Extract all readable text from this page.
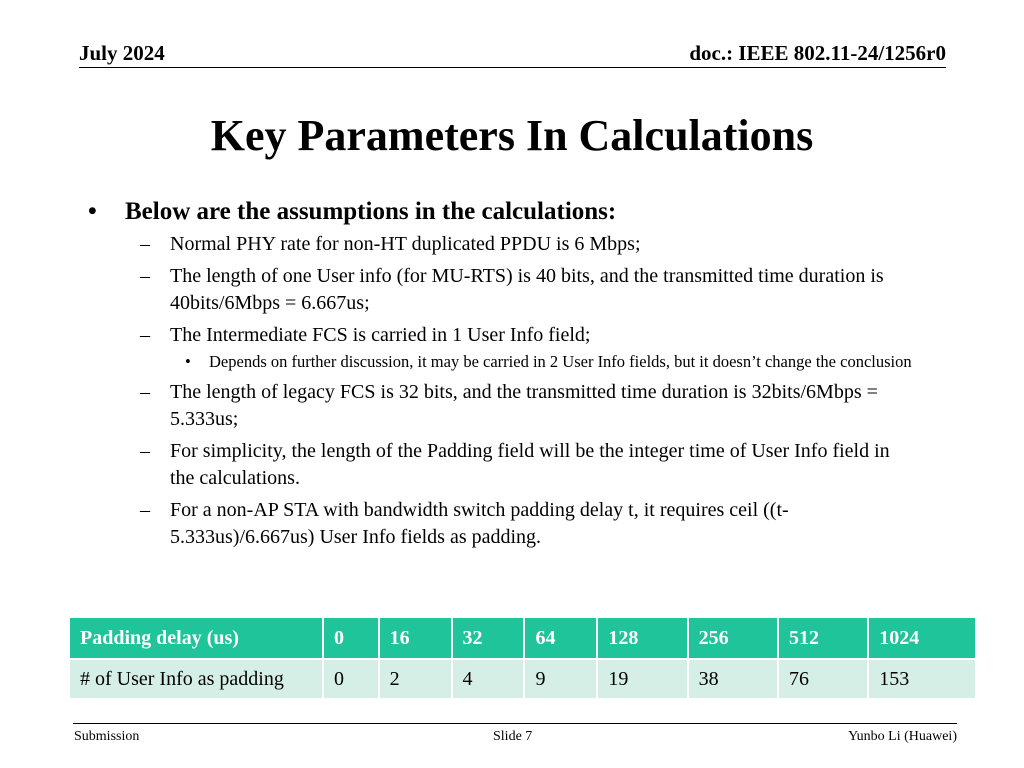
July 2024	doc.: IEEE 802.11-24/1256r0
Key Parameters In Calculations
•	Below are the assumptions in the calculations:
–	Normal PHY rate for non-HT duplicated PPDU is 6 Mbps;
–	The length of one User info (for MU-RTS) is 40 bits, and the transmitted time duration is 40bits/6Mbps = 6.667us;
–	The Intermediate FCS is carried in 1 User Info field;
•	Depends on further discussion, it may be carried in 2 User Info fields, but it doesn’t change the conclusion
–	The length of legacy FCS is 32 bits, and the transmitted time duration is 32bits/6Mbps = 5.333us;
–	For simplicity, the length of the Padding field will be the integer time of User Info field in the calculations.
–	For a non-AP STA with bandwidth switch padding delay t, it requires ceil ((t-5.333us)/6.667us) User Info fields as padding.
Padding delay (us)	0	16	32	64	128	256	512	1024
# of User Info as padding	0	2	4	9	19	38	76	153
Submission	Slide 7	Yunbo Li (Huawei)
